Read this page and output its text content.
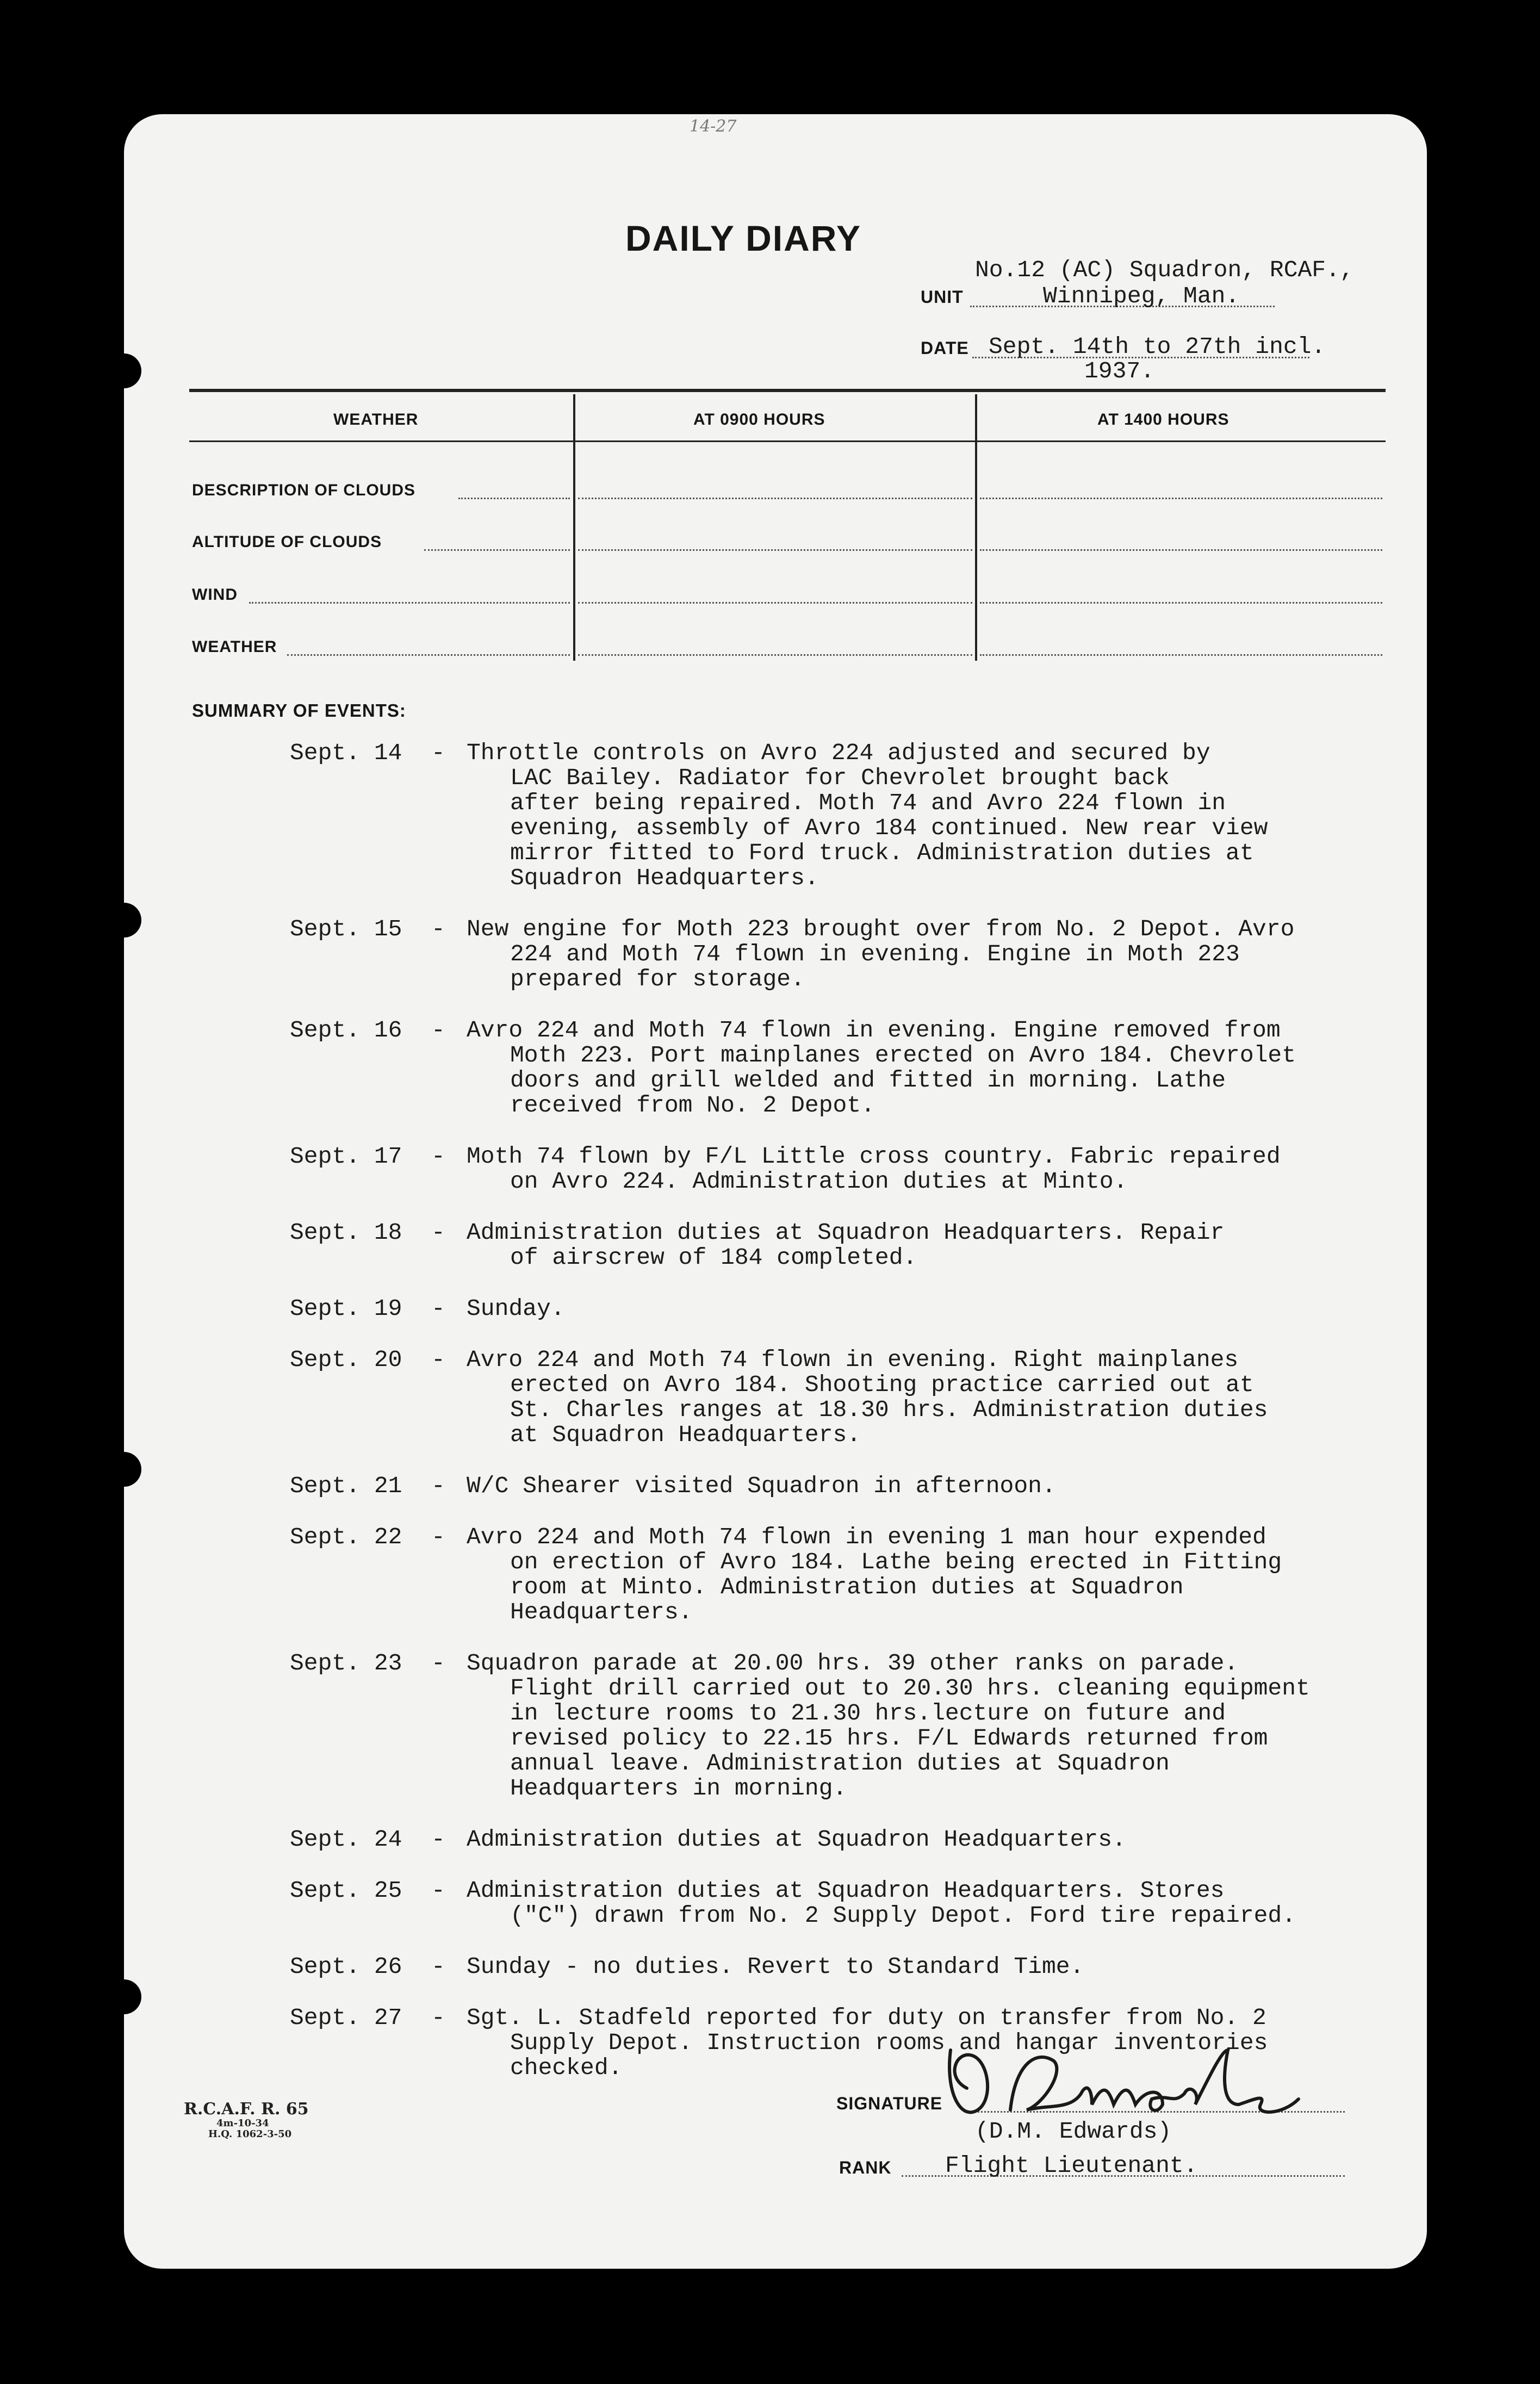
14-27
DAILY DIARY
No.12 (AC) Squadron, RCAF.,
UNIT	Winnipeg, Man.
DATE Sept. 14th to 27th incl.
1937.
WEATHER	AT 0900 HOURS	AT 1400 HOURS
DESCRIPTION OF CLOUDS
ALTITUDE OF CLOUDS
WIND
WEATHER
SUMMARY OF EVENTS:
Sept. 14 - Throttle controls on Avro 224 adjusted and secured by
LAC Bailey. Radiator for Chevrolet brought back
after being repaired. Moth 74 and Avro 224 flown in
evening, assembly of Avro 184 continued. New rear view
mirror fitted to Ford truck. Administration duties at
Squadron Headquarters.
Sept. 15 - New engine for Moth 223 brought over from No. 2 Depot. Avro
224 and Moth 74 flown in evening. Engine in Moth 223
prepared for storage.
Sept. 16 - Avro 224 and Moth 74 flown in evening. Engine removed from
Moth 223. Port mainplanes erected on Avro 184. Chevrolet
doors and grill welded and fitted in morning. Lathe
received from No. 2 Depot.
Sept. 17 - Moth 74 flown by F/L Little cross country. Fabric repaired
on Avro 224. Administration duties at Minto.
Sept. 18 - Administration duties at Squadron Headquarters. Repair
of airscrew of 184 completed.
Sept. 19 - Sunday.
Sept. 20 - Avro 224 and Moth 74 flown in evening. Right mainplanes
erected on Avro 184. Shooting practice carried out at
St. Charles ranges at 18.30 hrs. Administration duties
at Squadron Headquarters.
Sept. 21 - W/C Shearer visited Squadron in afternoon.
Sept. 22 - Avro 224 and Moth 74 flown in evening 1 man hour expended
on erection of Avro 184. Lathe being erected in Fitting
room at Minto. Administration duties at Squadron
Headquarters.
Sept. 23 - Squadron parade at 20.00 hrs. 39 other ranks on parade.
Flight drill carried out to 20.30 hrs. cleaning equipment
in lecture rooms to 21.30 hrs.lecture on future and
revised policy to 22.15 hrs. F/L Edwards returned from
annual leave. Administration duties at Squadron
Headquarters in morning.
Sept. 24 - Administration duties at Squadron Headquarters.
Sept. 25 - Administration duties at Squadron Headquarters. Stores
("C") drawn from No. 2 Supply Depot. Ford tire repaired.
Sept. 26 - Sunday - no duties. Revert to Standard Time.
Sept. 27 - Sgt. L. Stadfeld reported for duty on transfer from No. 2
Supply Depot. Instruction rooms and hangar inventories
checked.
SIGNATURE
(D.M. Edwards)
RANK Flight Lieutenant.
R.C.A.F. R. 65
4m-10-34
H.Q. 1062-3-50
